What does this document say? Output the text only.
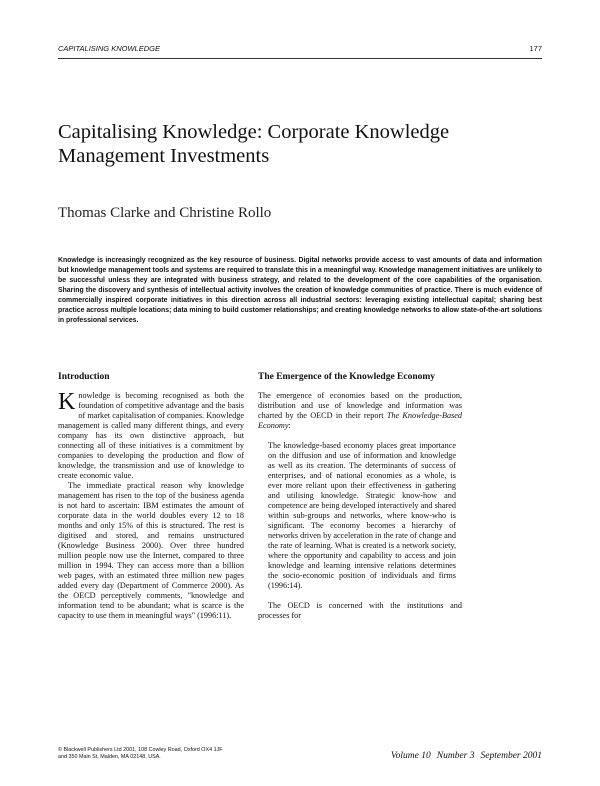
CAPITALISING KNOWLEDGE	177
Capitalising Knowledge: Corporate Knowledge Management Investments

Thomas Clarke and Christine Rollo

Knowledge is increasingly recognized as the key resource of business. Digital networks provide access to vast amounts of data and information but knowledge management tools and systems are required to translate this in a meaningful way. Knowledge management initiatives are unlikely to be successful unless they are integrated with business strategy, and related to the development of the core capabilities of the organisation. Sharing the discovery and synthesis of intellectual activity involves the creation of knowledge communities of practice. There is much evidence of commercially inspired corporate initiatives in this direction across all industrial sectors: leveraging existing intellectual capital; sharing best practice across multiple locations; data mining to build customer relationships; and creating knowledge networks to allow state-of-the-art solutions in professional services.

Introduction

Knowledge is becoming recognised as both the foundation of competitive advantage and the basis of market capitalisation of companies. Knowledge management is called many different things, and every company has its own distinctive approach, but connecting all of these initiatives is a commitment by companies to developing the production and flow of knowledge, the transmission and use of knowledge to create economic value.

The immediate practical reason why knowledge management has risen to the top of the business agenda is not hard to ascertain: IBM estimates the amount of corporate data in the world doubles every 12 to 18 months and only 15% of this is structured. The rest is digitised and stored, and remains unstructured (Knowledge Business 2000). Over three hundred million people now use the Internet, compared to three million in 1994. They can access more than a billion web pages, with an estimated three million new pages added every day (Department of Commerce 2000). As the OECD perceptively comments, "knowledge and information tend to be abundant; what is scarce is the capacity to use them in meaningful ways" (1996:11).

The Emergence of the Knowledge Economy

The emergence of economies based on the production, distribution and use of knowledge and information was charted by the OECD in their report The Knowledge-Based Economy:

The knowledge-based economy places great importance on the diffusion and use of information and knowledge as well as its creation. The determinants of success of enterprises, and of national economies as a whole, is ever more reliant upon their effectiveness in gathering and utilising knowledge. Strategic know-how and competence are being developed interactively and shared within sub-groups and networks, where know-who is significant. The economy becomes a hierarchy of networks driven by acceleration in the rate of change and the rate of learning. What is created is a network society, where the opportunity and capability to access and join knowledge and learning intensive relations determines the socio-economic position of individuals and firms (1996:14).

The OECD is concerned with the institutions and processes for

© Blackwell Publishers Ltd 2001, 108 Cowley Road, Oxford OX4 1JF
and 350 Main St, Malden, MA 02148, USA.	Volume 10 Number 3 September 2001
